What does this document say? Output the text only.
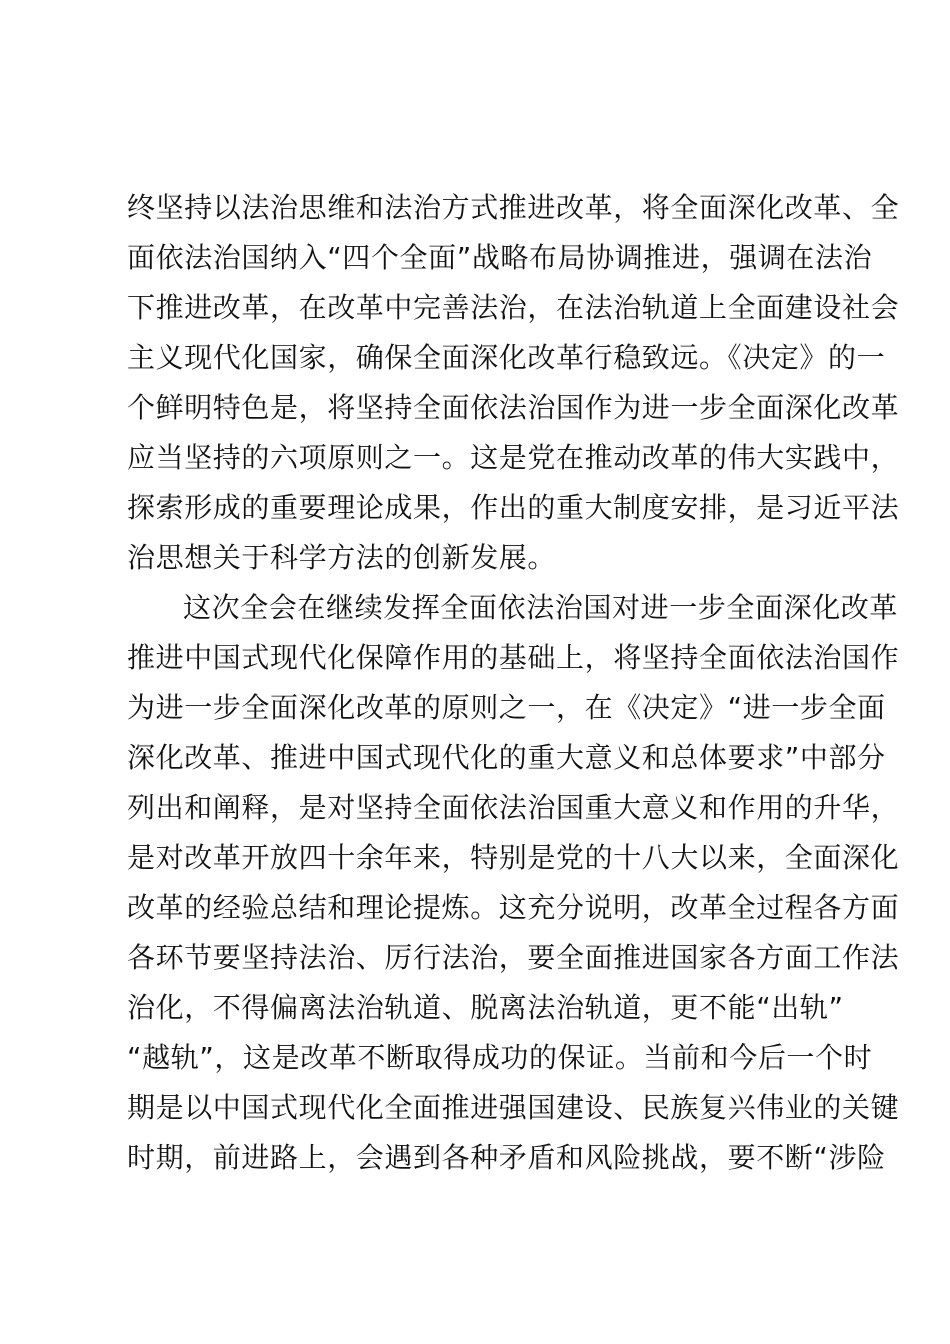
终坚持以法治思维和法治方式推进改革，将全面深化改革、全
面依法治国纳入“四个全面”战略布局协调推进，强调在法治
下推进改革，在改革中完善法治，在法治轨道上全面建设社会
主义现代化国家，确保全面深化改革行稳致远。《决定》的一
个鲜明特色是，将坚持全面依法治国作为进一步全面深化改革
应当坚持的六项原则之一。这是党在推动改革的伟大实践中，
探索形成的重要理论成果，作出的重大制度安排，是习近平法
治思想关于科学方法的创新发展。
这次全会在继续发挥全面依法治国对进一步全面深化改革
推进中国式现代化保障作用的基础上，将坚持全面依法治国作
为进一步全面深化改革的原则之一，在《决定》“进一步全面
深化改革、推进中国式现代化的重大意义和总体要求”中部分
列出和阐释，是对坚持全面依法治国重大意义和作用的升华，
是对改革开放四十余年来，特别是党的十八大以来，全面深化
改革的经验总结和理论提炼。这充分说明，改革全过程各方面
各环节要坚持法治、厉行法治，要全面推进国家各方面工作法
治化，不得偏离法治轨道、脱离法治轨道，更不能“出轨”
“越轨”，这是改革不断取得成功的保证。当前和今后一个时
期是以中国式现代化全面推进强国建设、民族复兴伟业的关键
时期，前进路上，会遇到各种矛盾和风险挑战，要不断“涉险
